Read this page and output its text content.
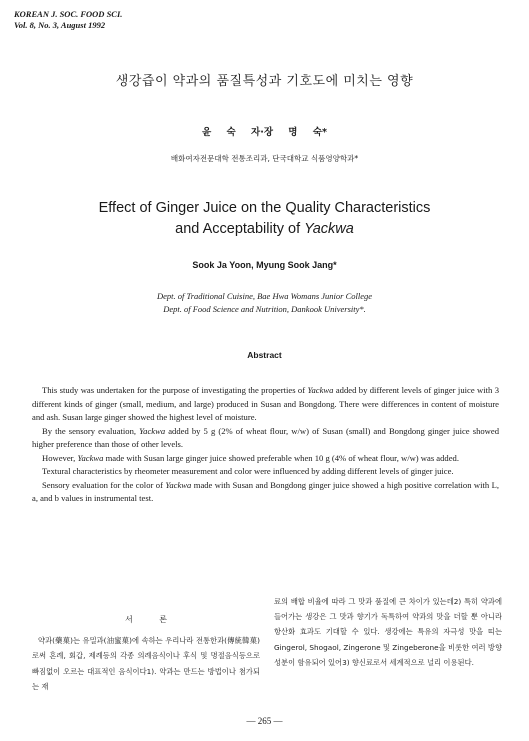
KOREAN J. SOC. FOOD SCI.
Vol. 8, No. 3, August 1992
생강즙이 약과의 품질특성과 기호도에 미치는 영향
윤 숙 자·장 명 숙*
배화여자전문대학 전통조리과, 단국대학교 식품영양학과*
Effect of Ginger Juice on the Quality Characteristics
and Acceptability of Yackwa
Sook Ja Yoon, Myung Sook Jang*
Dept. of Traditional Cuisine, Bae Hwa Womans Junior College
Dept. of Food Science and Nutrition, Dankook University*.
Abstract

This study was undertaken for the purpose of investigating the properties of Yackwa added by different levels of ginger juice with 3 different kinds of ginger (small, medium, and large) produced in Susan and Bongdong. There were differences in content of moisture and ash. Susan large ginger showed the highest level of moisture.

By the sensory evaluation, Yackwa added by 5 g (2% of wheat flour, w/w) of Susan (small) and Bongdong ginger juice showed higher preference than those of other levels.

However, Yackwa made with Susan large ginger juice showed preferable when 10 g (4% of wheat flour, w/w) was added.

Textural characteristics by rheometer measurement and color were influenced by adding different levels of ginger juice.

Sensory evaluation for the color of Yackwa made with Susan and Bongdong ginger juice showed a high positive correlation with L, a, and b values in instrumental test.

서 론

약과(藥菓)는 유밀과(油蜜菓)에 속하는 우리나라 전통한과(傳統韓菓)로써 혼례, 회갑, 제례등의 각종 의례음식이나 후식 및 명절음식등으로 빠짐없이 오르는 대표적인 음식이다1). 약과는 만드는 방법이나 첨가되는 재

료의 배합 비율에 따라 그 맛과 품질에 큰 차이가 있는데2) 특히 약과에 들어가는 생강은 그 맛과 향기가 독특하여 약과의 맛을 더할 뿐 아니라 항산화 효과도 기대할 수 있다. 생강에는 특유의 자극성 맛을 띠는 Gingerol, Shogaol, Zingerone 및 Zingeberone을 비롯한 여러 방향 성분이 함유되어 있어3) 향신료로서 세계적으로 널리 이용된다.

— 265 —
